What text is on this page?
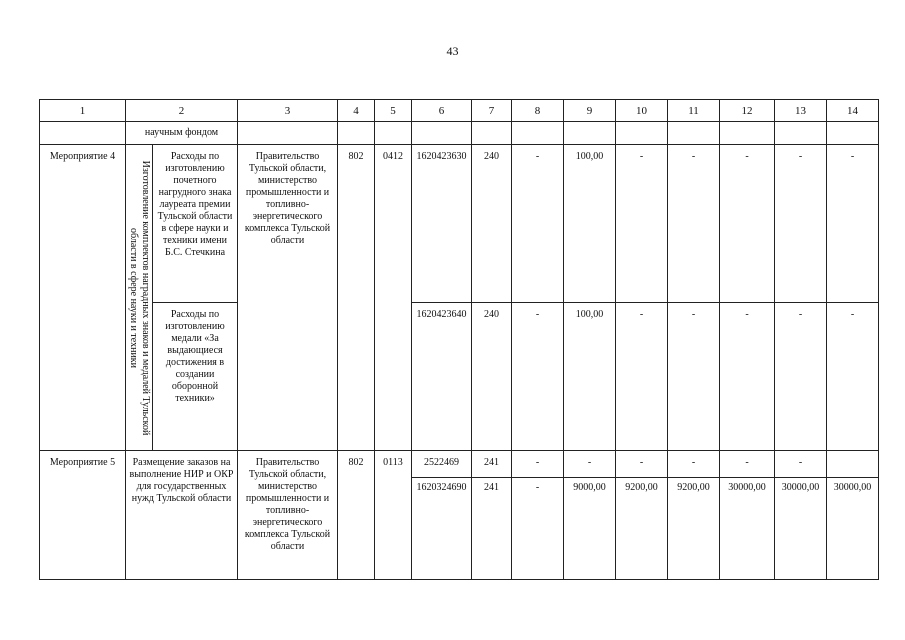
43
1	2		3	4	5	6	7	8	9	10	11	12	13	14
	научным фондом													
Мероприятие 4	Изготовление комплектов наградных знаков и медалей Тульской области в сфере науки и техники	Расходы по изготовлению почетного нагрудного знака лауреата премии Тульской области в сфере науки и техники имени Б.С. Стечкина	Правительство Тульской области, министерство промышленности и топливно-энергетического комплекса Тульской области	802	0412	1620423630	240	-	100,00	-	-	-	-	-
		Расходы по изготовлению медали «За выдающиеся достижения в создании оборонной техники»				1620423640	240	-	100,00	-	-	-	-	-
Мероприятие 5	Размещение заказов на выполнение НИР и ОКР для государственных нужд Тульской области		Правительство Тульской области, министерство промышленности и топливно-энергетического комплекса Тульской области	802	0113	2522469	241	-	-	-	-	-	-	
						1620324690	241	-	9000,00	9200,00	9200,00	30000,00	30000,00	30000,00
